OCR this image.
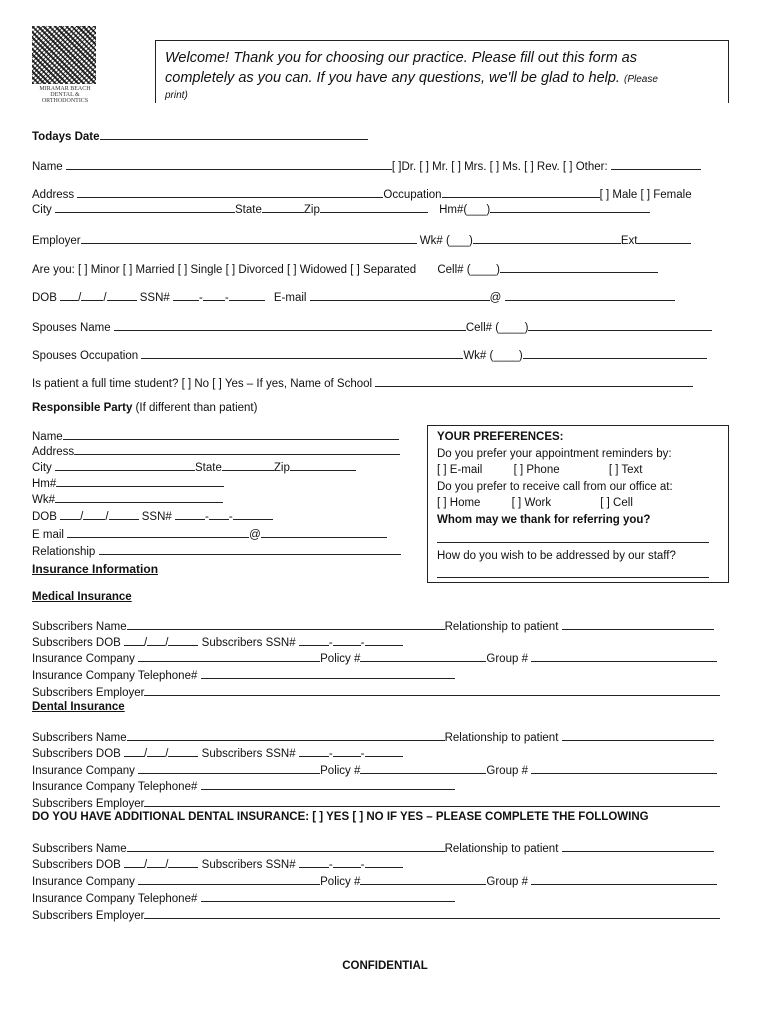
MIRAMAR BEACH DENTAL & ORTHODONTICS
Welcome! Thank you for choosing our practice. Please fill out this form as
completely as you can. If you have any questions, we'll be glad to help. (Please
print)
Todays Date
Name	[ ]Dr. [ ] Mr. [ ] Mrs. [ ] Ms. [ ] Rev. [ ] Other:
Address	Occupation	[ ] Male [ ] Female
City	State	Zip	Hm#(___)
Employer	Wk# (___)	Ext
Are you: [ ] Minor [ ] Married [ ] Single [ ] Divorced [ ] Widowed [ ] Separated Cell# (____)
DOB / /	SSN#	- -	E-mail	@
Spouses Name	Cell# (____)
Spouses Occupation	Wk# (____)
Is patient a full time student? [ ] No [ ] Yes – If yes, Name of School
Responsible Party (If different than patient)
Name
Address
City	State	Zip
Hm#
Wk#
DOB / /	SSN#	- -
E mail	@
Relationship
YOUR PREFERENCES:
Do you prefer your appointment reminders by:
[ ] E-mail	[ ] Phone	[ ] Text
Do you prefer to receive call from our office at:
[ ] Home	[ ] Work	[ ] Cell
Whom may we thank for referring you?
How do you wish to be addressed by our staff?
Insurance Information
Medical Insurance
Subscribers Name	Relationship to patient
Subscribers DOB / /	Subscribers SSN#	- -
Insurance Company	Policy #	Group #
Insurance Company Telephone#
Subscribers Employer
Dental Insurance
Subscribers Name	Relationship to patient
Subscribers DOB / /	Subscribers SSN#	- -
Insurance Company	Policy #	Group #
Insurance Company Telephone#
Subscribers Employer
DO YOU HAVE ADDITIONAL DENTAL INSURANCE: [ ] YES [ ] NO IF YES – PLEASE COMPLETE THE FOLLOWING
Subscribers Name	Relationship to patient
Subscribers DOB / /	Subscribers SSN#	- -
Insurance Company	Policy #	Group #
Insurance Company Telephone#
Subscribers Employer
CONFIDENTIAL
